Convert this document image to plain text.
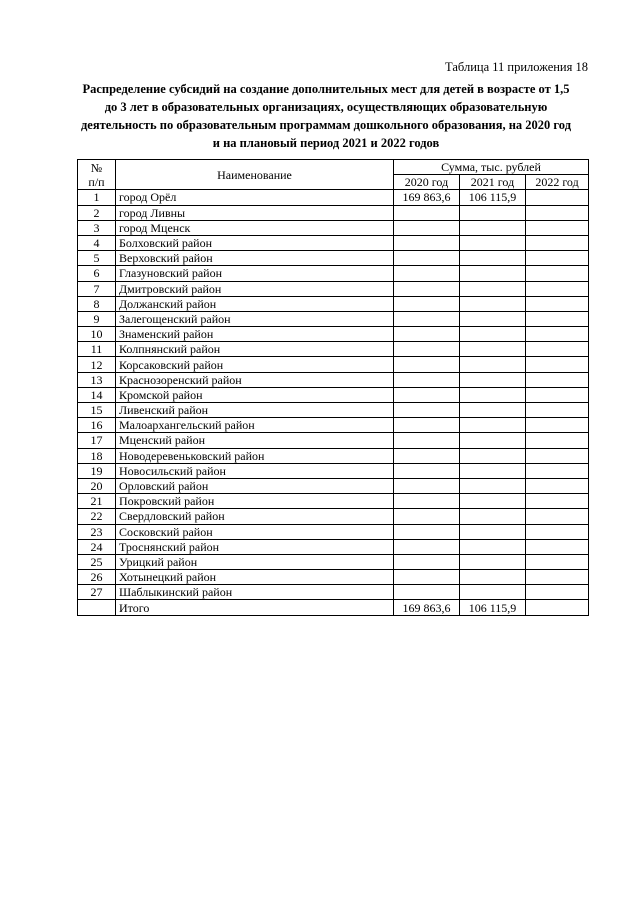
Таблица 11 приложения 18
Распределение субсидий на создание дополнительных мест для детей в возрасте от 1,5
до 3 лет в образовательных организациях, осуществляющих образовательную
деятельность по образовательным программам дошкольного образования, на 2020 год
и на плановый период 2021 и 2022 годов
№
п/п	Наименование	Сумма, тыс. рублей		
		2020 год	2021 год	2022 год
1	город Орёл	169 863,6	106 115,9	
2	город Ливны			
3	город Мценск			
4	Болховский район			
5	Верховский район			
6	Глазуновский район			
7	Дмитровский район			
8	Должанский район			
9	Залегощенский район			
10	Знаменский район			
11	Колпнянский район			
12	Корсаковский район			
13	Краснозоренский район			
14	Кромской район			
15	Ливенский район			
16	Малоархангельский район			
17	Мценский район			
18	Новодеревеньковский район			
19	Новосильский район			
20	Орловский район			
21	Покровский район			
22	Свердловский район			
23	Сосковский район			
24	Троснянский район			
25	Урицкий район			
26	Хотынецкий район			
27	Шаблыкинский район			
	Итого	169 863,6	106 115,9	
